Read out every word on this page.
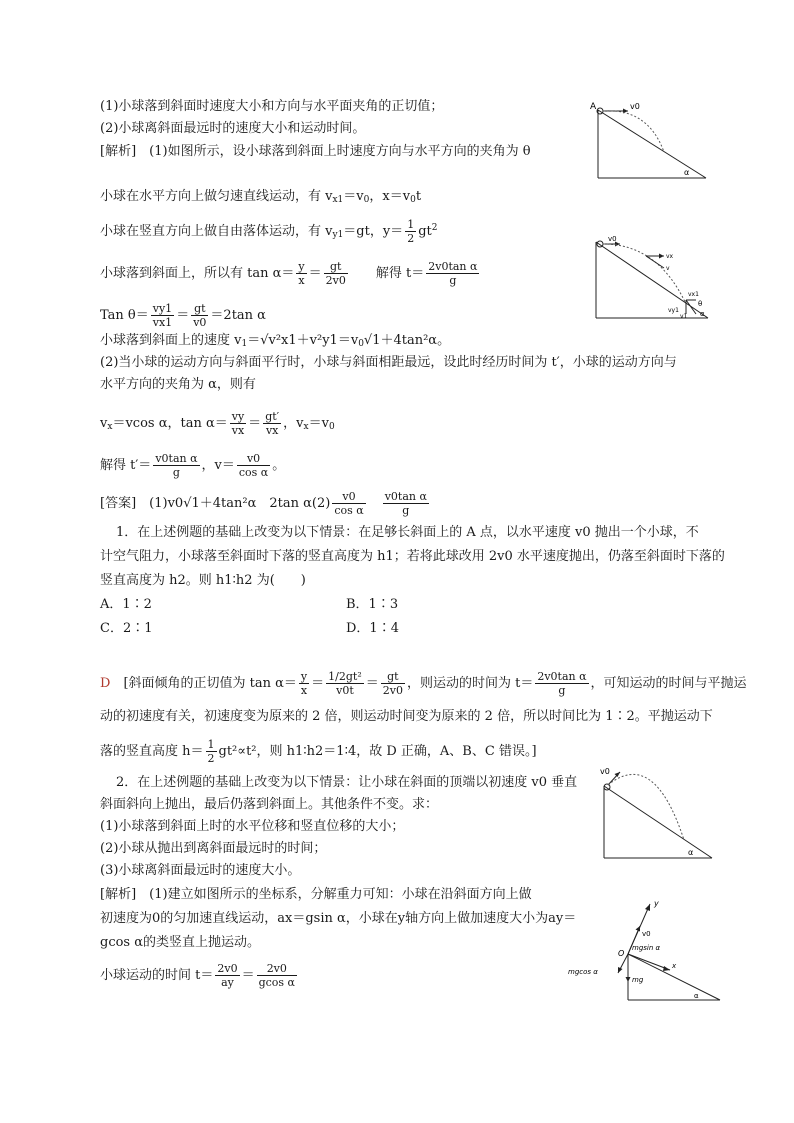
(1)小球落到斜面时速度大小和方向与水平面夹角的正切值；
(2)小球离斜面最远时的速度大小和运动时间。
A	v0
α
[解析]　 (1)如图所示，设小球落到斜面上时速度方向与水平方向的夹角为 θ
小球在水平方向上做匀速直线运动，有 $v_{x1}=v_0$，$x=v_0t$
小球在竖直方向上做自由落体运动，有 $v_{y1}=gt$，$y= \frac{1}{2} gt^2$
小球落到斜面上，所以有 $\tan \alpha= \frac{y}{x} = \frac{gt}{2v0}$
　　 解得 $t= \frac{\text{2v0tan α}}{g}$
Tan $\theta= \frac{vy1}{vx1} = \frac{gt}{v0} =2\tan$ α
小球落到斜面上的速度 $v_1=√v^2x1+v^2y1=v_0√1+4\tan^2\alpha$。
v0
vx
v
vx1
θ
vy1
v1 α
(2)当小球的运动方向与斜面平行时，小球与斜面相距最远，设此时经历时间为 t′，小球的运动方向与
水平方向的夹角为 α，则有
$v_x=vcos$ α，$\tan \alpha= \frac{vy}{vx} = \frac{gt'}{vx}$ ，$v_x=v_0$
解得 $t'= \frac{\text{v0tan α}}{g}$ ，$v= \frac{v0}{\text{cos α}}$ 。
[答案]　 (1)v0√1＋4tan²α　2tan $\alpha(2) \frac{v0}{\text{cos α}}$
　 $\frac{\text{v0tan α}}{g}$
1．在上述例题的基础上改变为以下情景：在足够长斜面上的 A 点，以水平速度 v0 抛出一个小球，不
计空气阻力，小球落至斜面时下落的竖直高度为 h1；若将此球改用 2v0 水平速度抛出，仍落至斜面时下落的
竖直高度为 h2。则 h1∶h2 为(　　)
A．1∶2	B．1∶3
C．2∶1	D．1∶4
D　 [斜面倾角的正切值为 $\tan \alpha= \frac{y}{x} = \frac{\text{1/2gt²}}{v0t} = \frac{gt}{2v0}$ ，则运动的时间为 $t= \frac{\text{2v0tan α}}{g}$ ，可知运动的时间与平抛运
动的初速度有关，初速度变为原来的 2 倍，则运动时间变为原来的 2 倍，所以时间比为 1∶2。平抛运动下
落的竖直高度 $h= \frac{1}{2} gt^2\propto t^2$，则 h1∶h2＝1∶4，故 D 正确，A、B、C 错误。]
2．在上述例题的基础上改变为以下情景：让小球在斜面的顶端以初速度 v0 垂直
斜面斜向上抛出，最后仍落到斜面上。其他条件不变。求：
(1)小球落到斜面上时的水平位移和竖直位移的大小；
(2)小球从抛出到离斜面最远时的时间；
(3)小球离斜面最远时的速度大小。
v0
α
[解析]　 (1)建立如图所示的坐标系，分解重力可知：小球在沿斜面方向上做
初速度为0的匀加速直线运动，ax＝gsin α，小球在y轴方向上做加速度大小为ay＝
gcos α的类竖直上抛运动。
小球运动的时间 $t= \frac{2v0}{ay} = \frac{2v0}{\text{gcos α}}$
y
v0
O
mgsin α
mgcos α
mg
x
α
